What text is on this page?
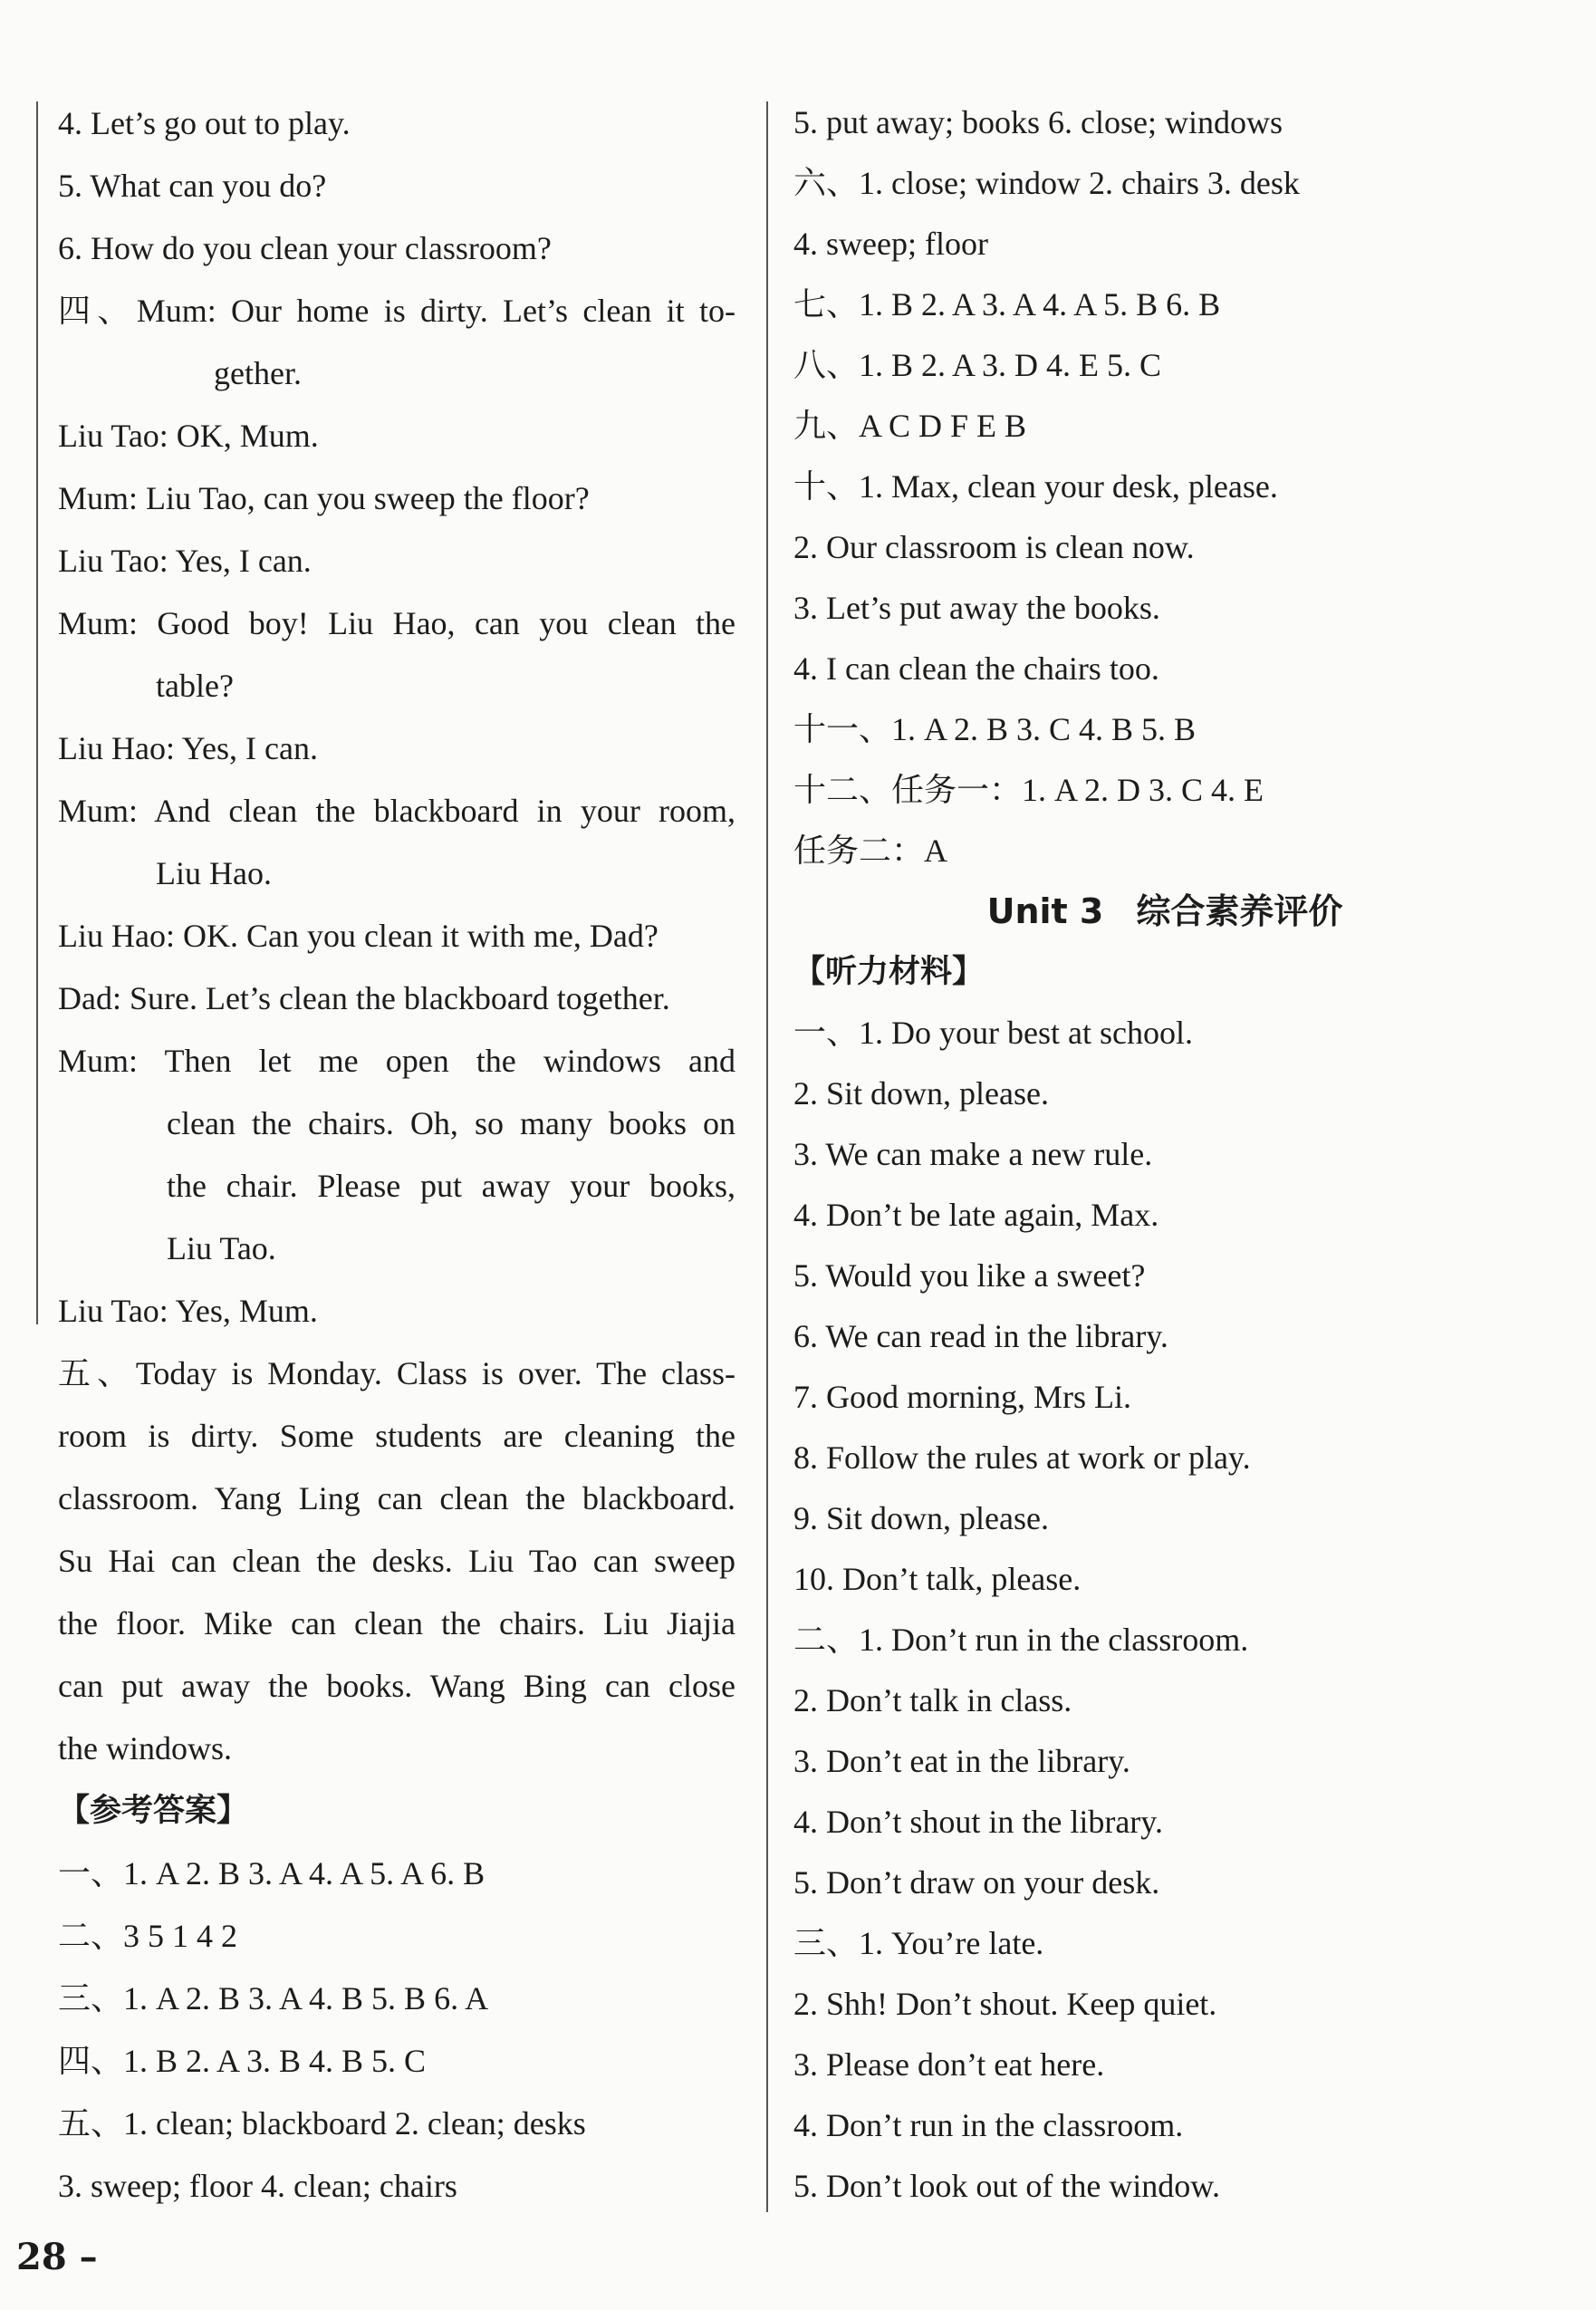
4. Let’s go out to play.
5. What can you do?
6. How do you clean your classroom?
四、Mum: Our home is dirty. Let’s clean it to-
gether.
Liu Tao: OK, Mum.
Mum: Liu Tao, can you sweep the floor?
Liu Tao: Yes, I can.
Mum: Good boy! Liu Hao, can you clean the
table?
Liu Hao: Yes, I can.
Mum: And clean the blackboard in your room,
Liu Hao.
Liu Hao: OK. Can you clean it with me, Dad?
Dad: Sure. Let’s clean the blackboard together.
Mum: Then let me open the windows and
clean the chairs. Oh, so many books on
the chair. Please put away your books,
Liu Tao.
Liu Tao: Yes, Mum.
五、Today is Monday. Class is over. The class-
room is dirty. Some students are cleaning the
classroom. Yang Ling can clean the blackboard.
Su Hai can clean the desks. Liu Tao can sweep
the floor. Mike can clean the chairs. Liu Jiajia
can put away the books. Wang Bing can close
the windows.
【参考答案】
一、1. A 2. B 3. A 4. A 5. A 6. B
二、3 5 1 4 2
三、1. A 2. B 3. A 4. B 5. B 6. A
四、1. B 2. A 3. B 4. B 5. C
五、1. clean; blackboard 2. clean; desks
3. sweep; floor 4. clean; chairs
5. put away; books 6. close; windows
六、1. close; window 2. chairs 3. desk
4. sweep; floor
七、1. B 2. A 3. A 4. A 5. B 6. B
八、1. B 2. A 3. D 4. E 5. C
九、A C D F E B
十、1. Max, clean your desk, please.
2. Our classroom is clean now.
3. Let’s put away the books.
4. I can clean the chairs too.
十一、1. A 2. B 3. C 4. B 5. B
十二、任务一：1. A 2. D 3. C 4. E
任务二：A
Unit 3 综合素养评价
【听力材料】
一、1. Do your best at school.
2. Sit down, please.
3. We can make a new rule.
4. Don’t be late again, Max.
5. Would you like a sweet?
6. We can read in the library.
7. Good morning, Mrs Li.
8. Follow the rules at work or play.
9. Sit down, please.
10. Don’t talk, please.
二、1. Don’t run in the classroom.
2. Don’t talk in class.
3. Don’t eat in the library.
4. Don’t shout in the library.
5. Don’t draw on your desk.
三、1. You’re late.
2. Shh! Don’t shout. Keep quiet.
3. Please don’t eat here.
4. Don’t run in the classroom.
5. Don’t look out of the window.
28 –
